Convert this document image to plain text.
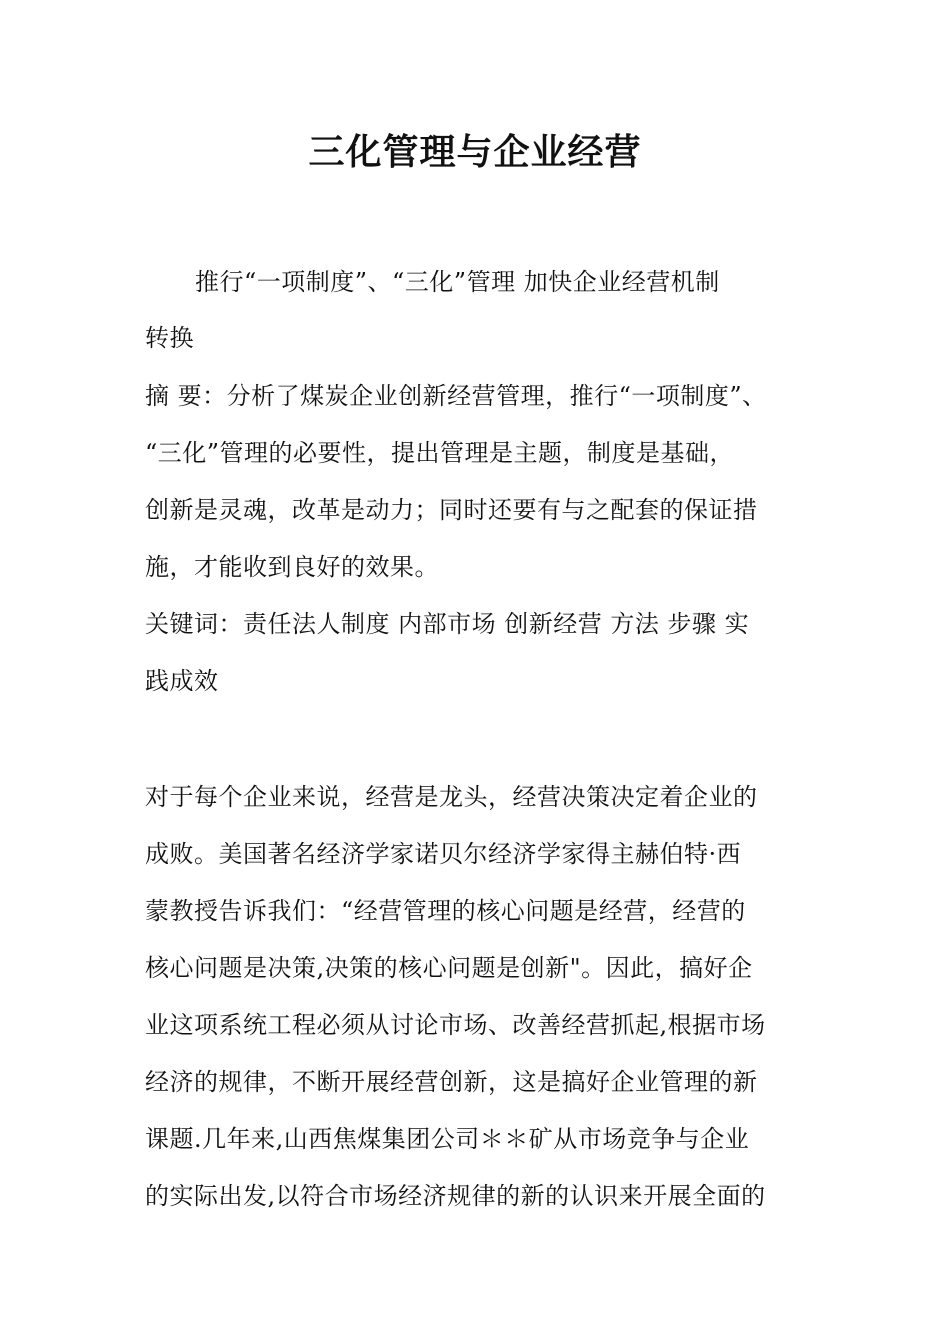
三化管理与企业经营
推行“一项制度”、“三化”管理 加快企业经营机制
转换
摘 要：分析了煤炭企业创新经营管理，推行“一项制度”、
“三化”管理的必要性，提出管理是主题，制度是基础，
创新是灵魂，改革是动力；同时还要有与之配套的保证措
施，才能收到良好的效果。
关键词：责任法人制度 内部市场 创新经营 方法 步骤 实
践成效
对于每个企业来说，经营是龙头，经营决策决定着企业的
成败。美国著名经济学家诺贝尔经济学家得主赫伯特·西
蒙教授告诉我们：“经营管理的核心问题是经营，经营的
核心问题是决策,决策的核心问题是创新"。因此，搞好企
业这项系统工程必须从讨论市场、改善经营抓起,根据市场
经济的规律，不断开展经营创新，这是搞好企业管理的新
课题.几年来,山西焦煤集团公司＊＊矿从市场竞争与企业
的实际出发,以符合市场经济规律的新的认识来开展全面的
